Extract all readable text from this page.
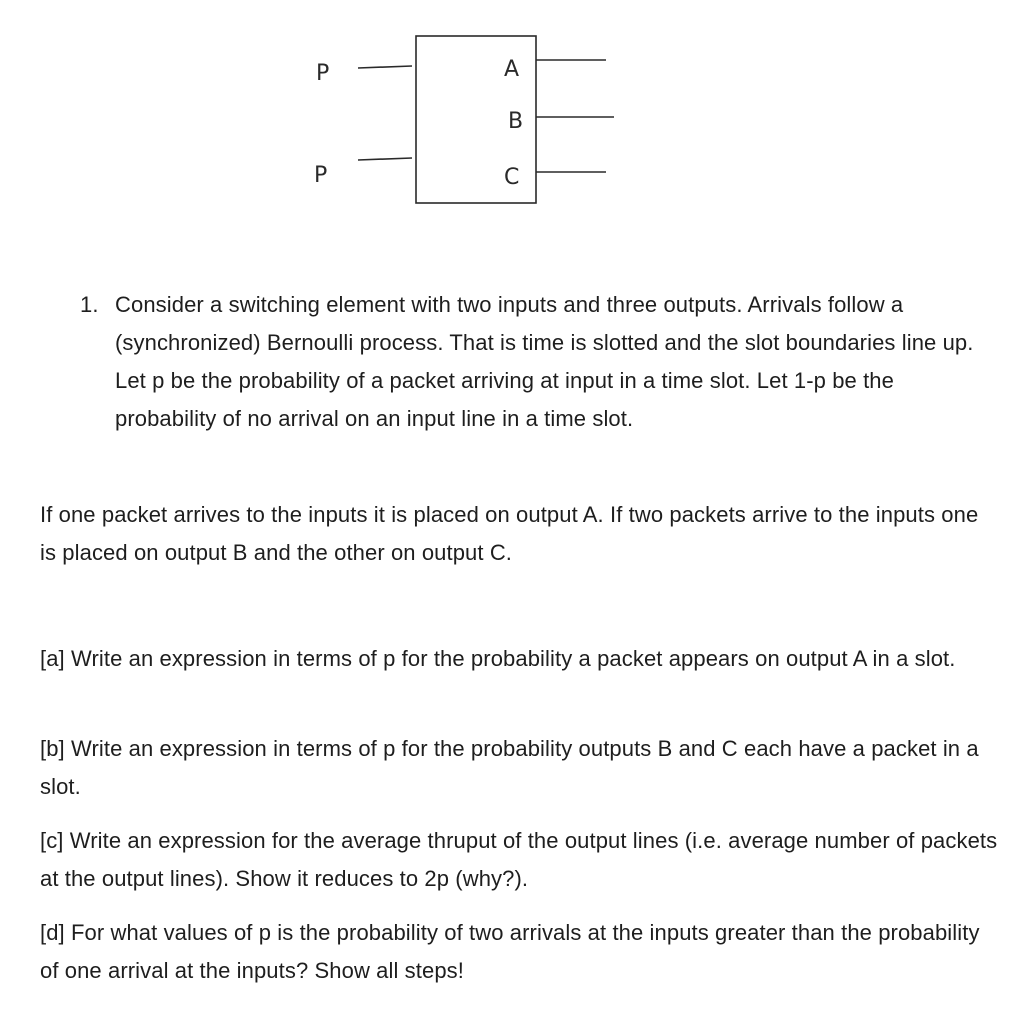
P
P
A
B
C
1. Consider a switching element with two inputs and three outputs. Arrivals follow a (synchronized) Bernoulli process. That is time is slotted and the slot boundaries line up. Let p be the probability of a packet arriving at input in a time slot. Let 1-p be the probability of no arrival on an input line in a time slot.

If one packet arrives to the inputs it is placed on output A. If two packets arrive to the inputs one is placed on output B and the other on output C.

[a] Write an expression in terms of p for the probability a packet appears on output A in a slot.

[b] Write an expression in terms of p for the probability outputs B and C each have a packet in a slot.

[c] Write an expression for the average thruput of the output lines (i.e. average number of packets at the output lines). Show it reduces to 2p (why?).

[d] For what values of p is the probability of two arrivals at the inputs greater than the probability of one arrival at the inputs? Show all steps!
